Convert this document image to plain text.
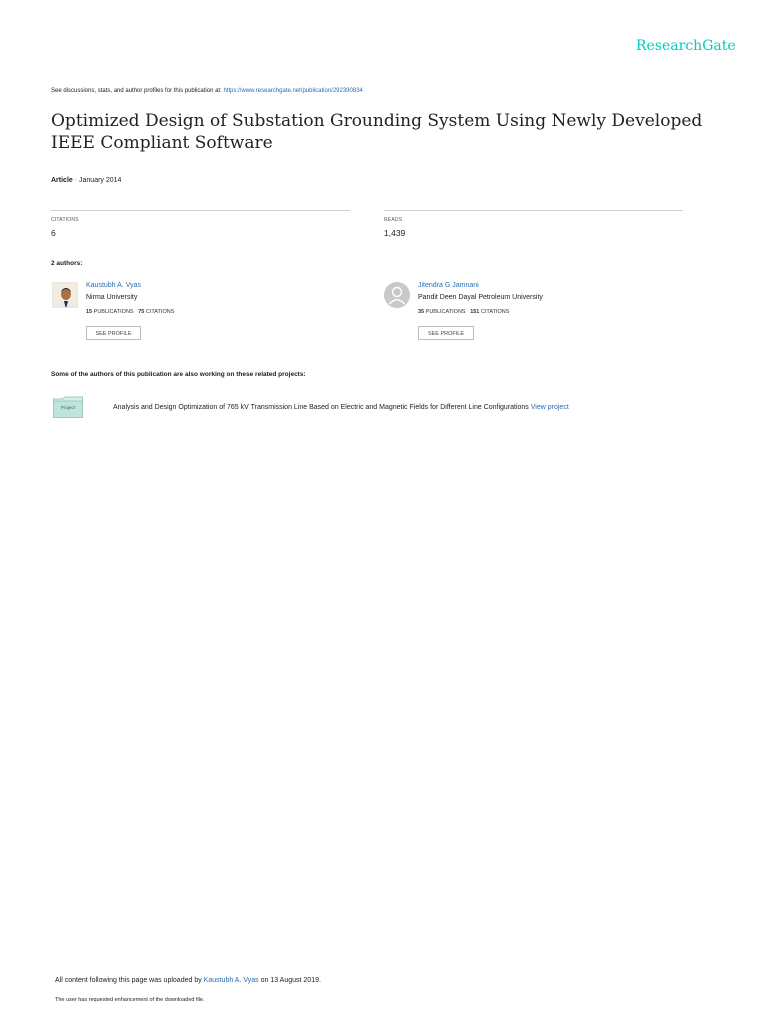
ResearchGate
See discussions, stats, and author profiles for this publication at: https://www.researchgate.net/publication/292390834
Optimized Design of Substation Grounding System Using Newly Developed IEEE Compliant Software
Article · January 2014
CITATIONS
6
READS
1,439
2 authors:
Kaustubh A. Vyas
Nirma University
15 PUBLICATIONS 75 CITATIONS
SEE PROFILE
Jitendra G Jamnani
Pandit Deen Dayal Petroleum University
35 PUBLICATIONS 151 CITATIONS
SEE PROFILE
Some of the authors of this publication are also working on these related projects:
Project	Analysis and Design Optimization of 765 kV Transmission Line Based on Electric and Magnetic Fields for Different Line Configurations View project
All content following this page was uploaded by Kaustubh A. Vyas on 13 August 2019.
The user has requested enhancement of the downloaded file.
